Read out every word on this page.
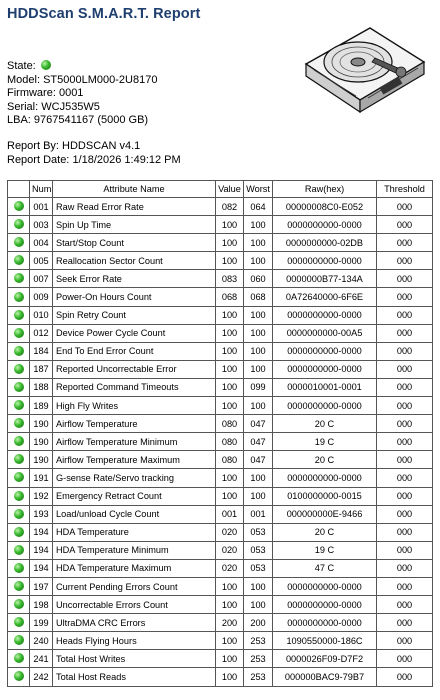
HDDScan S.M.A.R.T. Report
State:
Model: ST5000LM000-2U8170
Firmware: 0001
Serial: WCJ535W5
LBA: 9767541167 (5000 GB)
Report By: HDDSCAN v4.1
Report Date: 1/18/2026 1:49:12 PM
	Num	Attribute Name	Value	Worst	Raw(hex)	Threshold
	001	Raw Read Error Rate	082	064	00000008C0-E052	000
	003	Spin Up Time	100	100	0000000000-0000	000
	004	Start/Stop Count	100	100	0000000000-02DB	000
	005	Reallocation Sector Count	100	100	0000000000-0000	000
	007	Seek Error Rate	083	060	0000000B77-134A	000
	009	Power-On Hours Count	068	068	0A72640000-6F6E	000
	010	Spin Retry Count	100	100	0000000000-0000	000
	012	Device Power Cycle Count	100	100	0000000000-00A5	000
	184	End To End Error Count	100	100	0000000000-0000	000
	187	Reported Uncorrectable Error	100	100	0000000000-0000	000
	188	Reported Command Timeouts	100	099	0000010001-0001	000
	189	High Fly Writes	100	100	0000000000-0000	000
	190	Airflow Temperature	080	047	20 C	000
	190	Airflow Temperature Minimum	080	047	19 C	000
	190	Airflow Temperature Maximum	080	047	20 C	000
	191	G-sense Rate/Servo tracking	100	100	0000000000-0000	000
	192	Emergency Retract Count	100	100	0100000000-0015	000
	193	Load/unload Cycle Count	001	001	000000000E-9466	000
	194	HDA Temperature	020	053	20 C	000
	194	HDA Temperature Minimum	020	053	19 C	000
	194	HDA Temperature Maximum	020	053	47 C	000
	197	Current Pending Errors Count	100	100	0000000000-0000	000
	198	Uncorrectable Errors Count	100	100	0000000000-0000	000
	199	UltraDMA CRC Errors	200	200	0000000000-0000	000
	240	Heads Flying Hours	100	253	1090550000-186C	000
	241	Total Host Writes	100	253	0000026F09-D7F2	000
	242	Total Host Reads	100	253	000000BAC9-79B7	000
